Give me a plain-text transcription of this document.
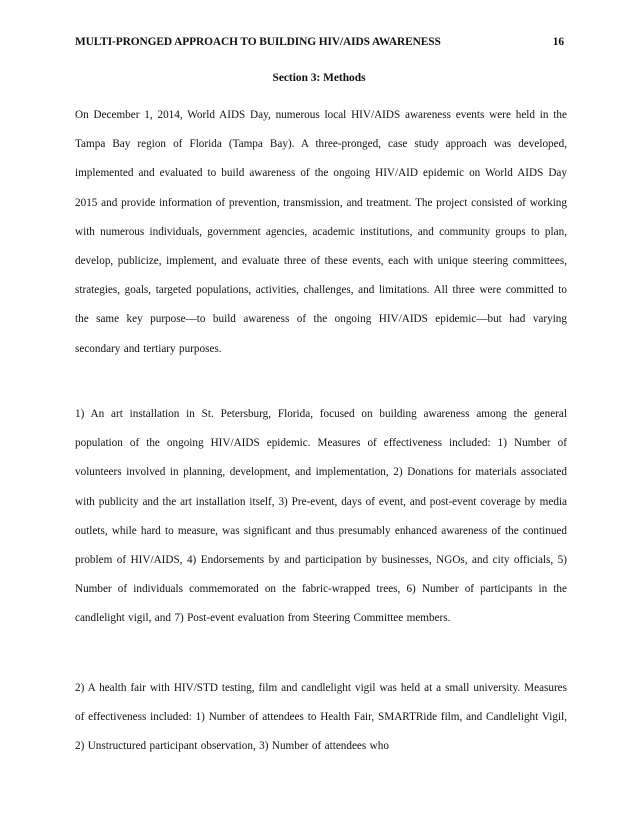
MULTI-PRONGED APPROACH TO BUILDING HIV/AIDS AWARENESS	16
Section 3: Methods

On December 1, 2014, World AIDS Day, numerous local HIV/AIDS awareness events were held in the Tampa Bay region of Florida (Tampa Bay). A three-pronged, case study approach was developed, implemented and evaluated to build awareness of the ongoing HIV/AID epidemic on World AIDS Day 2015 and provide information of prevention, transmission, and treatment. The project consisted of working with numerous individuals, government agencies, academic institutions, and community groups to plan, develop, publicize, implement, and evaluate three of these events, each with unique steering committees, strategies, goals, targeted populations, activities, challenges, and limitations. All three were committed to the same key purpose—to build awareness of the ongoing HIV/AIDS epidemic—but had varying secondary and tertiary purposes.

1) An art installation in St. Petersburg, Florida, focused on building awareness among the general population of the ongoing HIV/AIDS epidemic. Measures of effectiveness included: 1) Number of volunteers involved in planning, development, and implementation, 2) Donations for materials associated with publicity and the art installation itself, 3) Pre-event, days of event, and post-event coverage by media outlets, while hard to measure, was significant and thus presumably enhanced awareness of the continued problem of HIV/AIDS, 4) Endorsements by and participation by businesses, NGOs, and city officials, 5) Number of individuals commemorated on the fabric-wrapped trees, 6) Number of participants in the candlelight vigil, and 7) Post-event evaluation from Steering Committee members.

2) A health fair with HIV/STD testing, film and candlelight vigil was held at a small university. Measures of effectiveness included: 1) Number of attendees to Health Fair, SMARTRide film, and Candlelight Vigil, 2) Unstructured participant observation, 3) Number of attendees who
